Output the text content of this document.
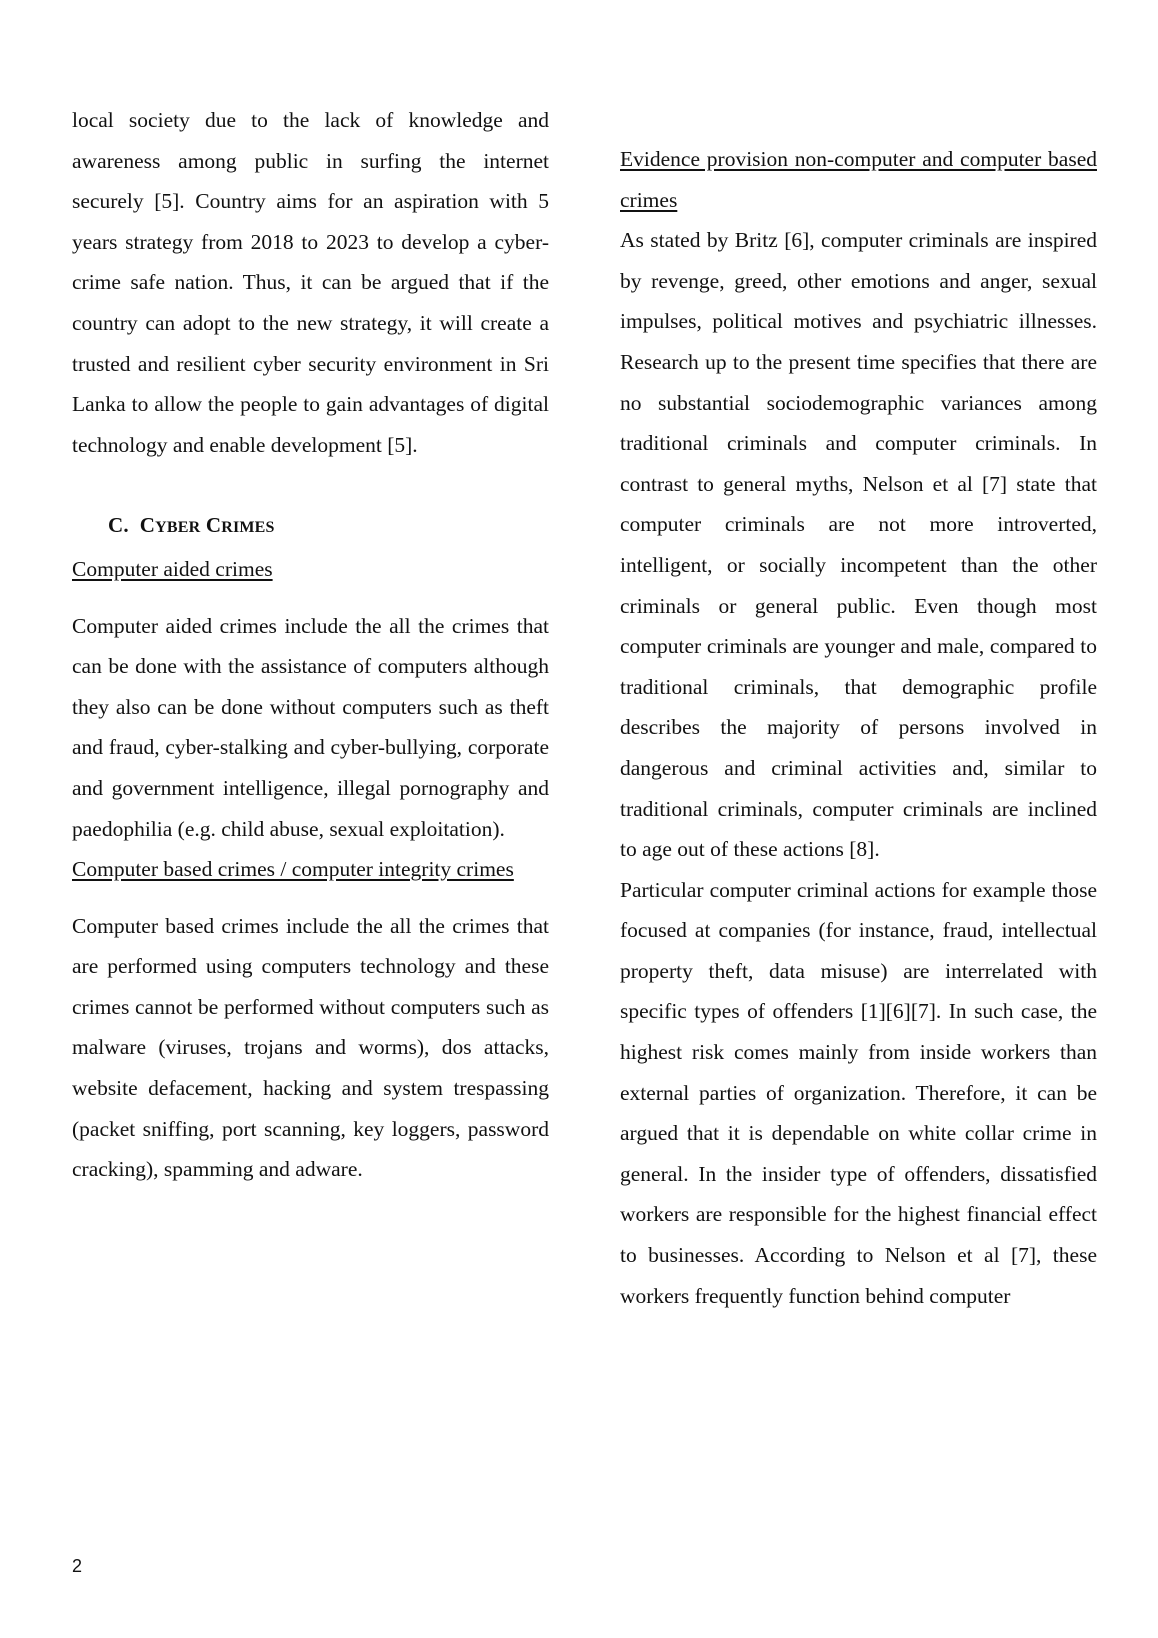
local society due to the lack of knowledge and awareness among public in surfing the internet securely [5]. Country aims for an aspiration with 5 years strategy from 2018 to 2023 to develop a cyber-crime safe nation. Thus, it can be argued that if the country can adopt to the new strategy, it will create a trusted and resilient cyber security environment in Sri Lanka to allow the people to gain advantages of digital technology and enable development [5].

C. CYBER CRIMES

Computer aided crimes

Computer aided crimes include the all the crimes that can be done with the assistance of computers although they also can be done without computers such as theft and fraud, cyber-stalking and cyber-bullying, corporate and government intelligence, illegal pornography and paedophilia (e.g. child abuse, sexual exploitation).

Computer based crimes / computer integrity crimes

Computer based crimes include the all the crimes that are performed using computers technology and these crimes cannot be performed without computers such as malware (viruses, trojans and worms), dos attacks, website defacement, hacking and system trespassing (packet sniffing, port scanning, key loggers, password cracking), spamming and adware.

Evidence provision non-computer and computer based crimes

As stated by Britz [6], computer criminals are inspired by revenge, greed, other emotions and anger, sexual impulses, political motives and psychiatric illnesses. Research up to the present time specifies that there are no substantial sociodemographic variances among traditional criminals and computer criminals. In contrast to general myths, Nelson et al [7] state that computer criminals are not more introverted, intelligent, or socially incompetent than the other criminals or general public. Even though most computer criminals are younger and male, compared to traditional criminals, that demographic profile describes the majority of persons involved in dangerous and criminal activities and, similar to traditional criminals, computer criminals are inclined to age out of these actions [8].

Particular computer criminal actions for example those focused at companies (for instance, fraud, intellectual property theft, data misuse) are interrelated with specific types of offenders [1][6][7]. In such case, the highest risk comes mainly from inside workers than external parties of organization. Therefore, it can be argued that it is dependable on white collar crime in general. In the insider type of offenders, dissatisfied workers are responsible for the highest financial effect to businesses. According to Nelson et al [7], these workers frequently function behind computer

2
